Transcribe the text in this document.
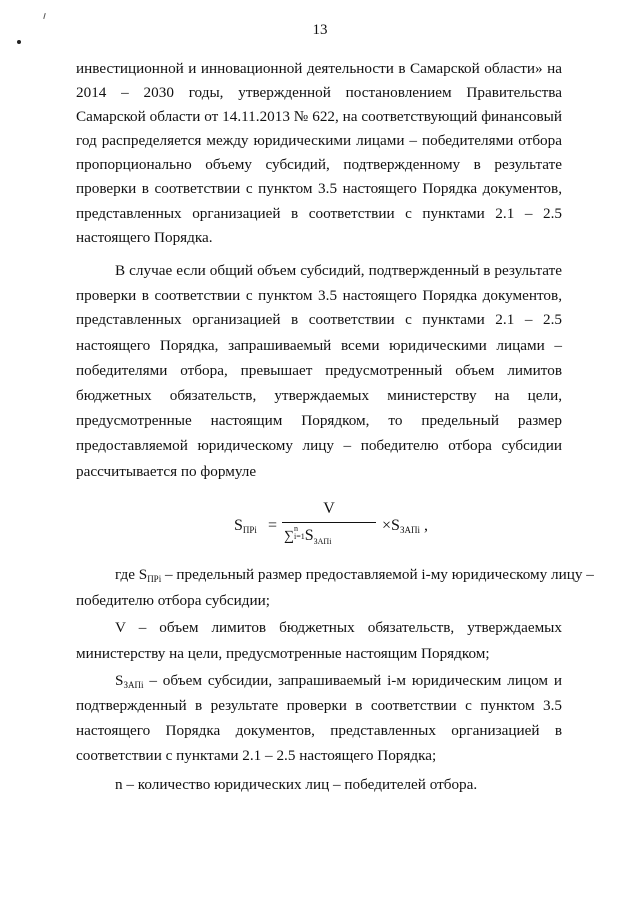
13
инвестиционной и инновационной деятельности в Самарской области» на
2014 – 2030 годы, утвержденной постановлением Правительства
Самарской области от 14.11.2013 № 622, на соответствующий финансовый
год распределяется между юридическими лицами – победителями отбора
пропорционально объему субсидий, подтвержденному в результате
проверки в соответствии с пунктом 3.5 настоящего Порядка документов,
представленных организацией в соответствии с пунктами 2.1 – 2.5
настоящего Порядка.
В случае если общий объем субсидий, подтвержденный в результате
проверки в соответствии с пунктом 3.5 настоящего Порядка документов,
представленных организацией в соответствии с пунктами 2.1 – 2.5
настоящего Порядка, запрашиваемый всеми юридическими лицами –
победителями отбора, превышает предусмотренный объем лимитов
бюджетных обязательств, утверждаемых министерству на цели,
предусмотренные настоящим Порядком, то предельный размер
предоставляемой юридическому лицу – победителю отбора субсидии
рассчитывается по формуле
$S_{ПРi}$ =
V
∑n
$i=1S_{ЗАПi}$
$\times S_{ЗАПi}$ ,
где $S_{ПРi}$ – предельный размер предоставляемой i-му юридическому лицу –
победителю отбора субсидии;
V – объем лимитов бюджетных обязательств, утверждаемых
министерству на цели, предусмотренные настоящим Порядком;
$S_{ЗАПi}$ – объем субсидии, запрашиваемый i-м юридическим лицом и
подтвержденный в результате проверки в соответствии с пунктом 3.5
настоящего Порядка документов, представленных организацией в
соответствии с пунктами 2.1 – 2.5 настоящего Порядка;
n – количество юридических лиц – победителей отбора.
